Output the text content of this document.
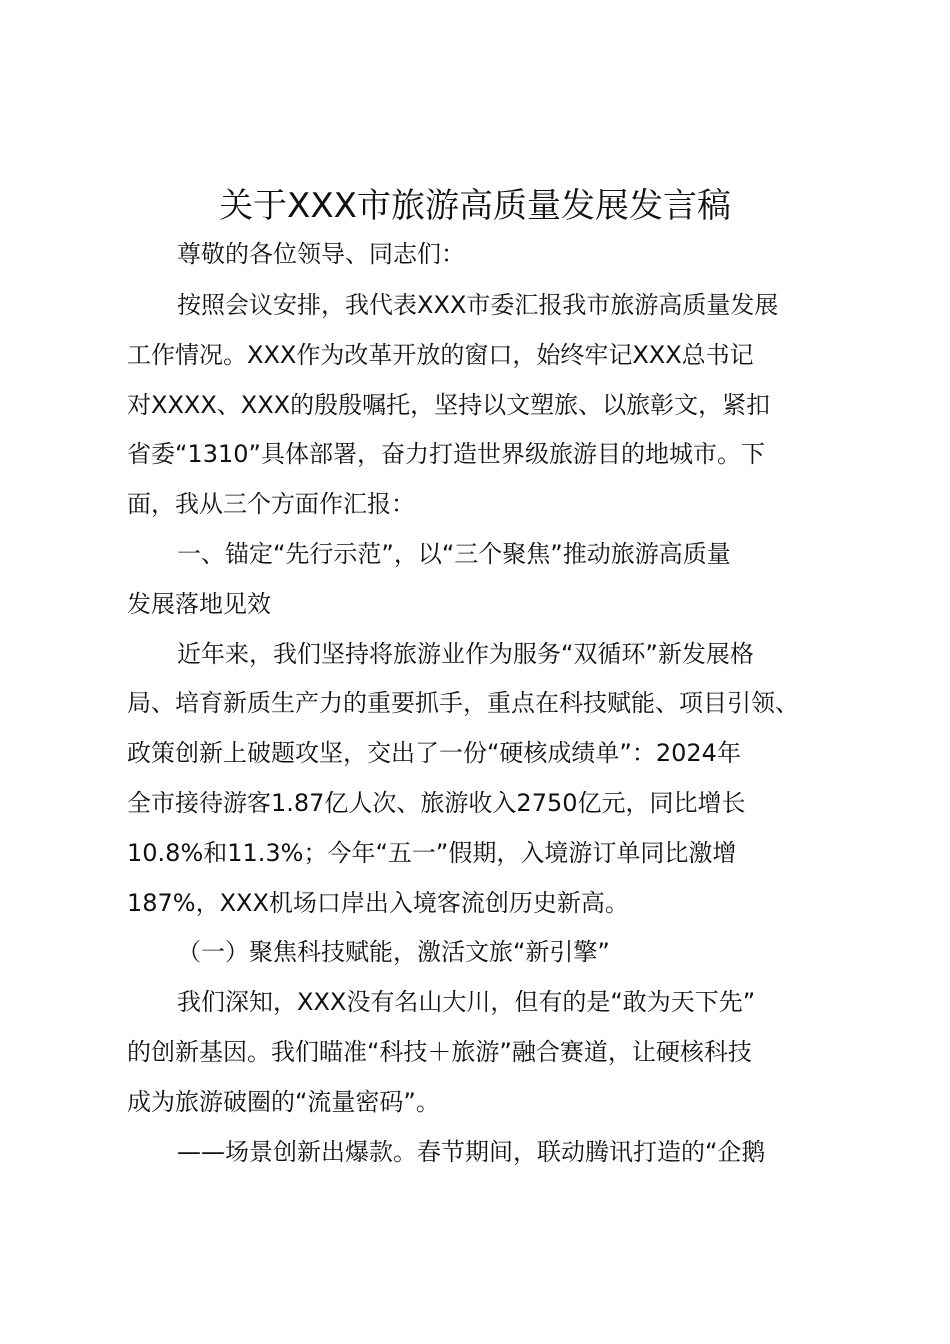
关于XXX市旅游高质量发展发言稿

尊敬的各位领导、同志们：

按照会议安排，我代表XXX市委汇报我市旅游高质量发展

工作情况。XXX作为改革开放的窗口，始终牢记XXX总书记

对XXXX、XXX的殷殷嘱托，坚持以文塑旅、以旅彰文，紧扣

省委“1310”具体部署，奋力打造世界级旅游目的地城市。下

面，我从三个方面作汇报：

一、锚定“先行示范”，以“三个聚焦”推动旅游高质量

发展落地见效

近年来，我们坚持将旅游业作为服务“双循环”新发展格

局、培育新质生产力的重要抓手，重点在科技赋能、项目引领、

政策创新上破题攻坚，交出了一份“硬核成绩单”：2024年

全市接待游客1.87亿人次、旅游收入2750亿元，同比增长

10.8%和11.3%；今年“五一”假期，入境游订单同比激增

187%，XXX机场口岸出入境客流创历史新高。

（一）聚焦科技赋能，激活文旅“新引擎”

我们深知，XXX没有名山大川，但有的是“敢为天下先”

的创新基因。我们瞄准“科技＋旅游”融合赛道，让硬核科技

成为旅游破圈的“流量密码”。

——场景创新出爆款。春节期间，联动腾讯打造的“企鹅
